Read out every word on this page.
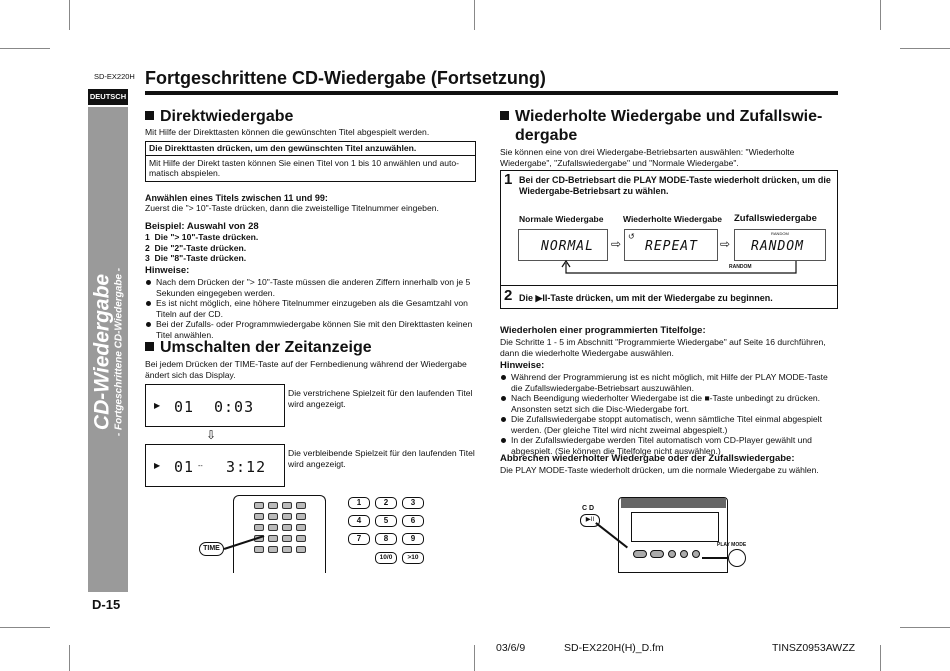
SD-EX220H
DEUTSCH
CD-Wiedergabe - Fortgeschrittene CD-Wiedergabe -
D-15
Fortgeschrittene CD-Wiedergabe (Fortsetzung)
Direktwiedergabe
Mit Hilfe der Direkttasten können die gewünschten Titel abgespielt werden.
Die Direkttasten drücken, um den gewünschten Titel anzuwählen.
Mit Hilfe der Direkt tasten können Sie einen Titel von 1 bis 10 anwählen und auto-
matisch abspielen.
Anwählen eines Titels zwischen 11 und 99:
Zuerst die "> 10"-Taste drücken, dann die zweistellige Titelnummer eingeben.
Beispiel: Auswahl von 28
1  Die "> 10"-Taste drücken.
2  Die "2"-Taste drücken.
3  Die "8"-Taste drücken.
Hinweise:
Nach dem Drücken der "> 10"-Taste müssen die anderen Ziffern innerhalb von je 5 Sekunden eingegeben werden.
Es ist nicht möglich, eine höhere Titelnummer einzugeben als die Gesamtzahl von Titeln auf der CD.
Bei der Zufalls- oder Programmwiedergabe können Sie mit den Direkttasten keinen Titel anwählen.
Umschalten der Zeitanzeige
Bei jedem Drücken der TIME-Taste auf der Fernbedienung während der Wiedergabe ändert sich das Display.
▶ 01 0:03
Die verstrichene Spielzeit für den laufenden Titel wird angezeigt.
⇩
▶ 01 -- 3:12
Die verbleibende Spielzeit für den laufenden Titel wird angezeigt.
TIME
1	2	3
4	5	6
7	8	9
10/0	>10
Wiederholte Wiedergabe und Zufallswie-
dergabe
Sie können eine von drei Wiedergabe-Betriebsarten auswählen: "Wiederholte Wiedergabe", "Zufallswiedergabe" und "Normale Wiedergabe".
1 Bei der CD-Betriebsart die PLAY MODE-Taste wiederholt drücken, um die Wiedergabe-Betriebsart zu wählen.
Normale Wiedergabe Wiederholte Wiedergabe Zufallswiedergabe
NORMAL ⇨
↺
REPEAT ⇨
RANDOM
RANDOM
RANDOM
2 Die ▶II-Taste drücken, um mit der Wiedergabe zu beginnen.
Wiederholen einer programmierten Titelfolge:
Die Schritte 1 - 5 im Abschnitt "Programmierte Wiedergabe" auf Seite 16 durchführen, dann die wiederholte Wiedergabe auswählen.
Hinweise:
Während der Programmierung ist es nicht möglich, mit Hilfe der PLAY MODE-Taste die Zufallswiedergabe-Betriebsart auszuwählen.
Nach Beendigung wiederholter Wiedergabe ist die ■-Taste unbedingt zu drücken. Ansonsten setzt sich die Disc-Wiedergabe fort.
Die Zufallswiedergabe stoppt automatisch, wenn sämtliche Titel einmal abgespielt werden. (Der gleiche Titel wird nicht zweimal abgespielt.)
In der Zufallswiedergabe werden Titel automatisch vom CD-Player gewählt und abgespielt. (Sie können die Titelfolge nicht auswählen.)
Abbrechen wiederholter Wiedergabe oder der Zufallswiedergabe:
Die PLAY MODE-Taste wiederholt drücken, um die normale Wiedergabe zu wählen.
C D
▶II
PLAY MODE
03/6/9	SD-EX220H(H)_D.fm	TINSZ0953AWZZ
